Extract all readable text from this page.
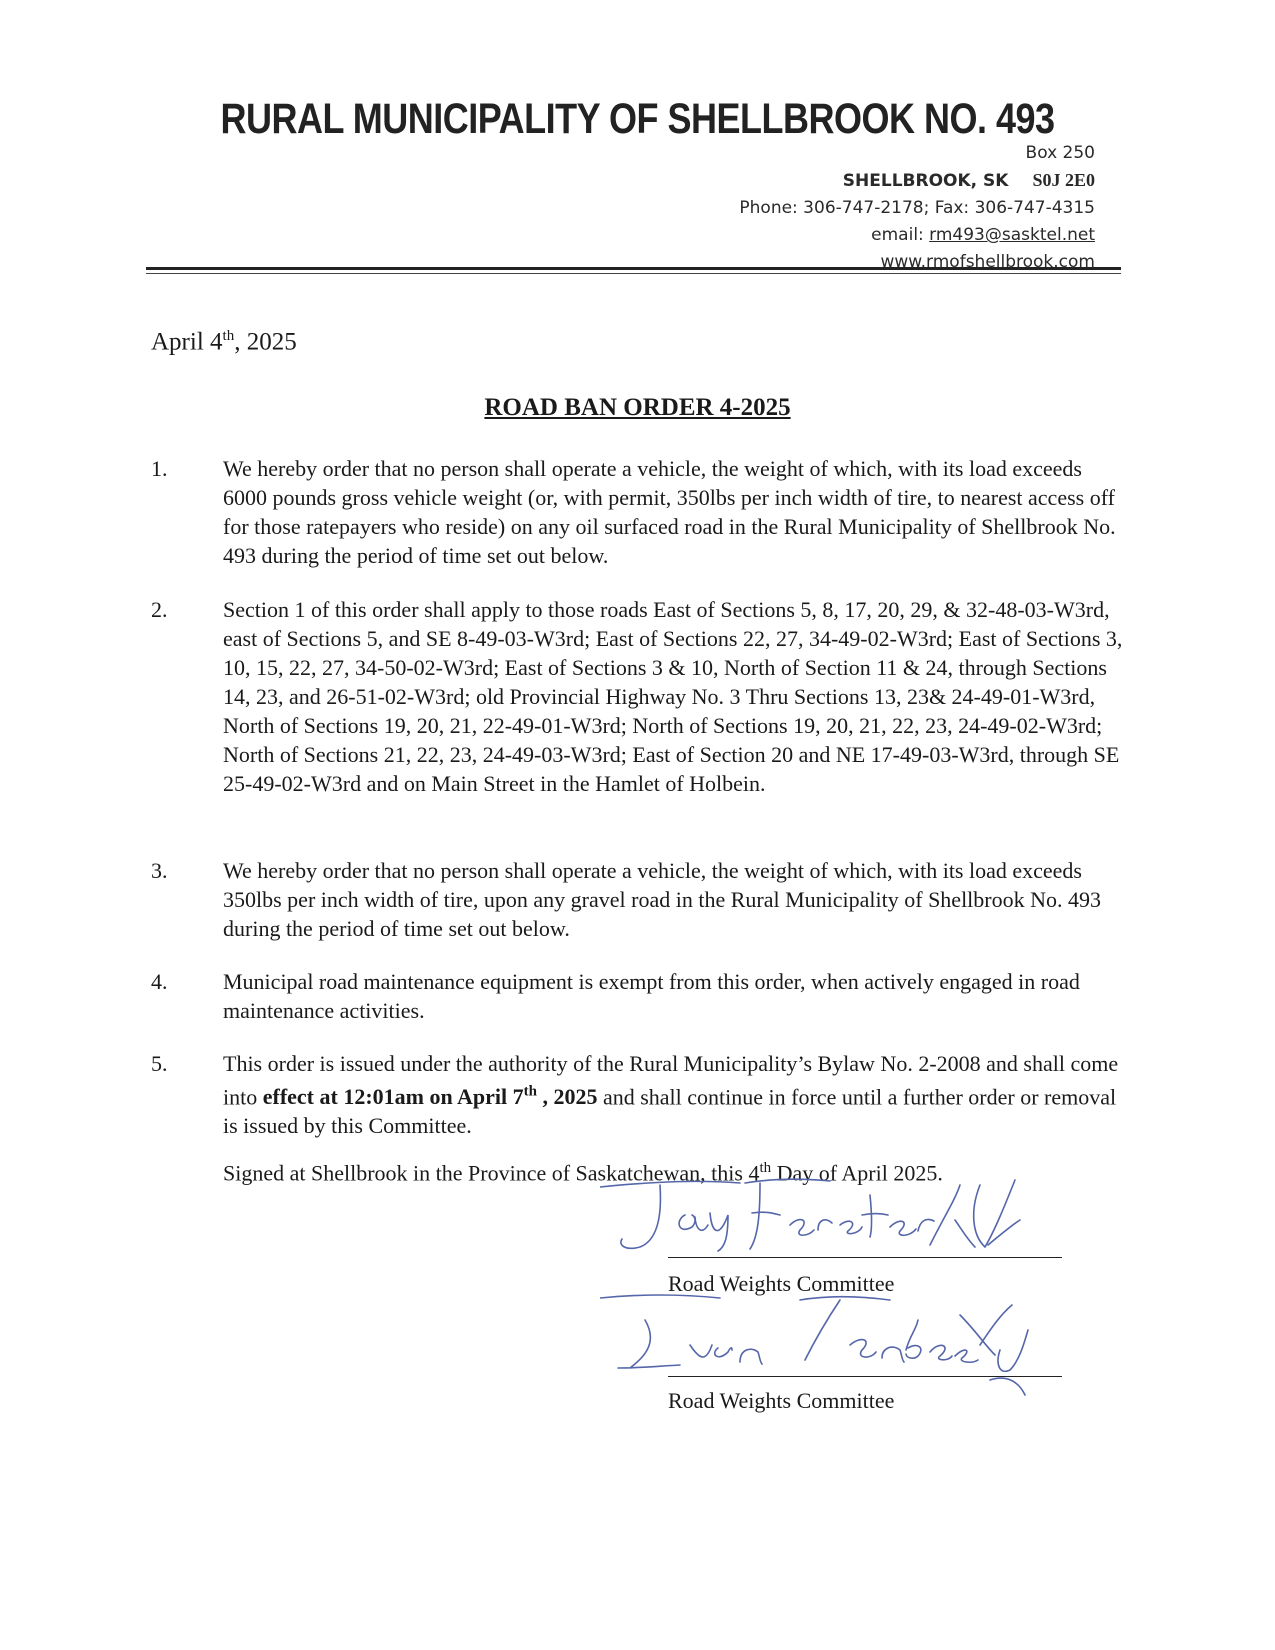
RURAL MUNICIPALITY OF SHELLBROOK NO. 493
Box 250
SHELLBROOK, SK S0J 2E0
Phone: 306-747-2178; Fax: 306-747-4315
email: rm493@sasktel.net
www.rmofshellbrook.com
April 4th, 2025
ROAD BAN ORDER 4-2025
1.	We hereby order that no person shall operate a vehicle, the weight of which, with its load exceeds 6000 pounds gross vehicle weight (or, with permit, 350lbs per inch width of tire, to nearest access off for those ratepayers who reside) on any oil surfaced road in the Rural Municipality of Shellbrook No. 493 during the period of time set out below.
2.	Section 1 of this order shall apply to those roads East of Sections 5, 8, 17, 20, 29, & 32-48-03-W3rd, east of Sections 5, and SE 8-49-03-W3rd; East of Sections 22, 27, 34-49-02-W3rd; East of Sections 3, 10, 15, 22, 27, 34-50-02-W3rd; East of Sections 3 & 10, North of Section 11 & 24, through Sections 14, 23, and 26-51-02-W3rd; old Provincial Highway No. 3 Thru Sections 13, 23& 24-49-01-W3rd, North of Sections 19, 20, 21, 22-49-01-W3rd; North of Sections 19, 20, 21, 22, 23, 24-49-02-W3rd; North of Sections 21, 22, 23, 24-49-03-W3rd; East of Section 20 and NE 17-49-03-W3rd, through SE 25-49-02-W3rd and on Main Street in the Hamlet of Holbein.
3.	We hereby order that no person shall operate a vehicle, the weight of which, with its load exceeds 350lbs per inch width of tire, upon any gravel road in the Rural Municipality of Shellbrook No. 493 during the period of time set out below.
4.	Municipal road maintenance equipment is exempt from this order, when actively engaged in road maintenance activities.
5.	This order is issued under the authority of the Rural Municipality’s Bylaw No. 2-2008 and shall come into effect at 12:01am on April 7th , 2025 and shall continue in force until a further order or removal is issued by this Committee.
Signed at Shellbrook in the Province of Saskatchewan, this 4th Day of April 2025.
Road Weights Committee
Road Weights Committee
